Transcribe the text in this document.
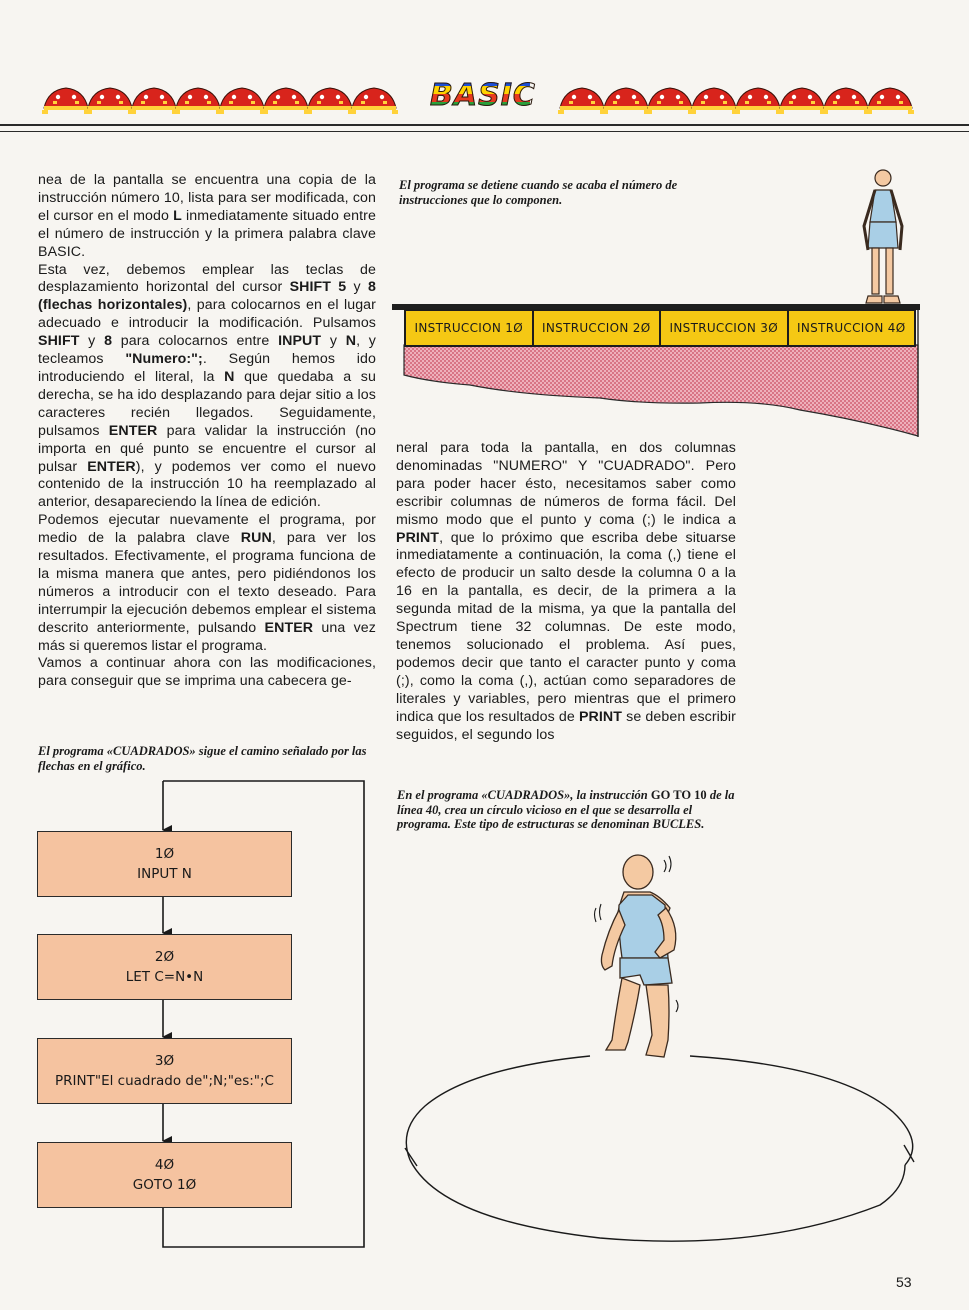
BASIC

nea de la pantalla se encuentra una copia de la instrucción número 10, lista para ser modificada, con el cursor en el modo L inmediatamente situado entre el número de instrucción y la primera palabra clave BASIC.

Esta vez, debemos emplear las teclas de desplazamiento horizontal del cursor SHIFT 5 y 8 (flechas horizontales), para colocarnos en el lugar adecuado e introducir la modificación. Pulsamos SHIFT y 8 para colocarnos entre INPUT y N, y tecleamos "Numero:";. Según hemos ido introduciendo el literal, la N que quedaba a su derecha, se ha ido desplazando para dejar sitio a los caracteres recién llegados. Seguidamente, pulsamos ENTER para validar la instrucción (no importa en qué punto se encuentre el cursor al pulsar ENTER), y podemos ver como el nuevo contenido de la instrucción 10 ha reemplazado al anterior, desapareciendo la línea de edición.

Podemos ejecutar nuevamente el programa, por medio de la palabra clave RUN, para ver los resultados. Efectivamente, el programa funciona de la misma manera que antes, pero pidiéndonos los números a introducir con el texto deseado. Para interrumpir la ejecución debemos emplear el sistema descrito anteriormente, pulsando ENTER una vez más si queremos listar el programa.

Vamos a continuar ahora con las modificaciones, para conseguir que se imprima una cabecera ge-

El programa se detiene cuando se acaba el número de instrucciones que lo componen.
INSTRUCCION 1Ø	INSTRUCCION 2Ø	INSTRUCCION 3Ø	INSTRUCCION 4Ø

neral para toda la pantalla, en dos columnas denominadas "NUMERO" Y "CUADRADO". Pero para poder hacer ésto, necesitamos saber como escribir columnas de números de forma fácil. Del mismo modo que el punto y coma (;) le indica a PRINT, que lo próximo que escriba debe situarse inmediatamente a continuación, la coma (,) tiene el efecto de producir un salto desde la columna 0 a la 16 en la pantalla, es decir, de la primera a la segunda mitad de la misma, ya que la pantalla del Spectrum tiene 32 columnas. De este modo, tenemos solucionado el problema. Así pues, podemos decir que tanto el caracter punto y coma (;), como la coma (,), actúan como separadores de literales y variables, pero mientras que el primero indica que los resultados de PRINT se deben escribir seguidos, el segundo los

El programa «CUADRADOS» sigue el camino señalado por las flechas en el gráfico.
En el programa «CUADRADOS», la instrucción GO TO 10 de la línea 40, crea un círculo vicioso en el que se desarrolla el programa. Este tipo de estructuras se denominan BUCLES.
1Ø
INPUT N
2Ø
LET C=N•N
3Ø
PRINT"El cuadrado de";N;"es:";C
4Ø
GOTO 1Ø
53
